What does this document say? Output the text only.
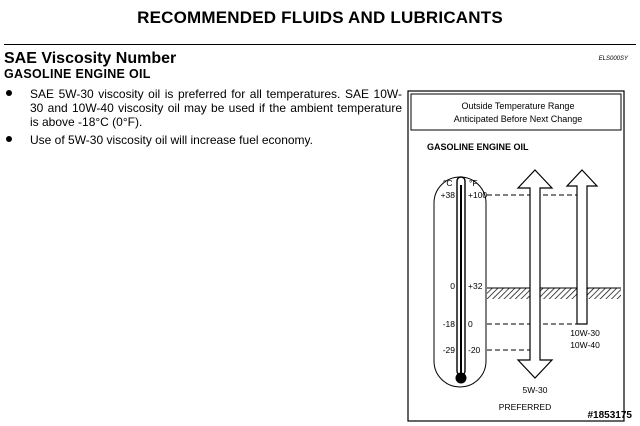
RECOMMENDED FLUIDS AND LUBRICANTS
SAE Viscosity Number	ELS000SY
GASOLINE ENGINE OIL
SAE 5W-30 viscosity oil is preferred for all temperatures. SAE 10W-30 and 10W-40 viscosity oil may be used if the ambient temperature is above -18°C (0°F).
Use of 5W-30 viscosity oil will increase fuel economy.
Outside Temperature Range
Anticipated Before Next Change
GASOLINE ENGINE OIL
°C °F
+38 +100
0 +32
-18 0
-29 -20
5W-30
10W-30
10W-40
PREFERRED
#1853175
